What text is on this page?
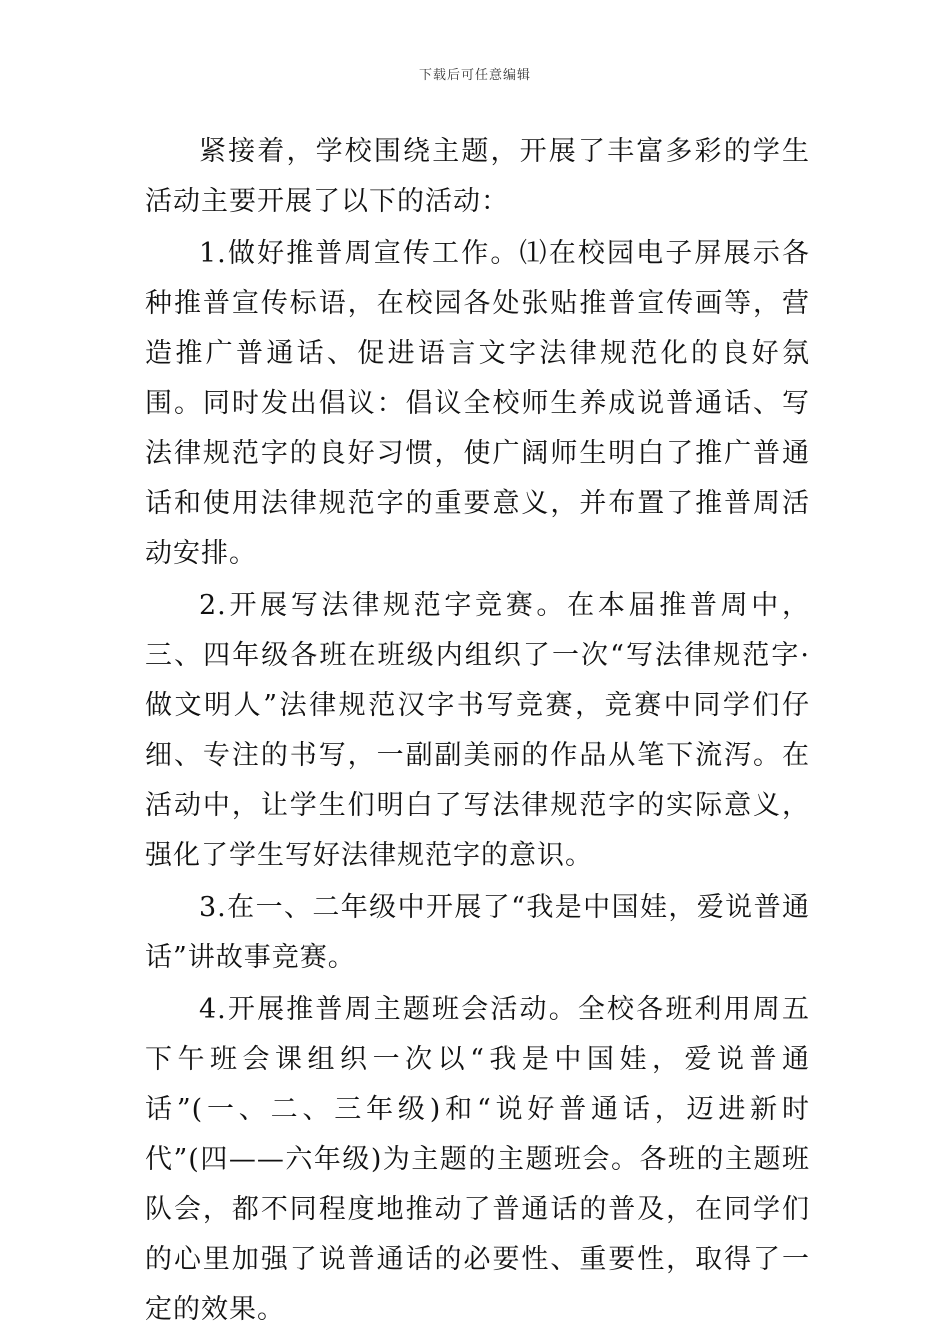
下载后可任意编辑

紧接着，学校围绕主题，开展了丰富多彩的学生活动主要开展了以下的活动：

1.做好推普周宣传工作。⑴在校园电子屏展示各种推普宣传标语，在校园各处张贴推普宣传画等，营造推广普通话、促进语言文字法律规范化的良好氛围。同时发出倡议：倡议全校师生养成说普通话、写法律规范字的良好习惯，使广阔师生明白了推广普通话和使用法律规范字的重要意义，并布置了推普周活动安排。

2.开展写法律规范字竞赛。在本届推普周中，三、四年级各班在班级内组织了一次“写法律规范字·做文明人”法律规范汉字书写竞赛，竞赛中同学们仔细、专注的书写，一副副美丽的作品从笔下流泻。在活动中，让学生们明白了写法律规范字的实际意义，强化了学生写好法律规范字的意识。

3.在一、二年级中开展了“我是中国娃，爱说普通话”讲故事竞赛。

4.开展推普周主题班会活动。全校各班利用周五下午班会课组织一次以“我是中国娃，爱说普通话”(一、二、三年级)和“说好普通话，迈进新时代”(四——六年级)为主题的主题班会。各班的主题班队会，都不同程度地推动了普通话的普及，在同学们的心里加强了说普通话的必要性、重要性，取得了一定的效果。
